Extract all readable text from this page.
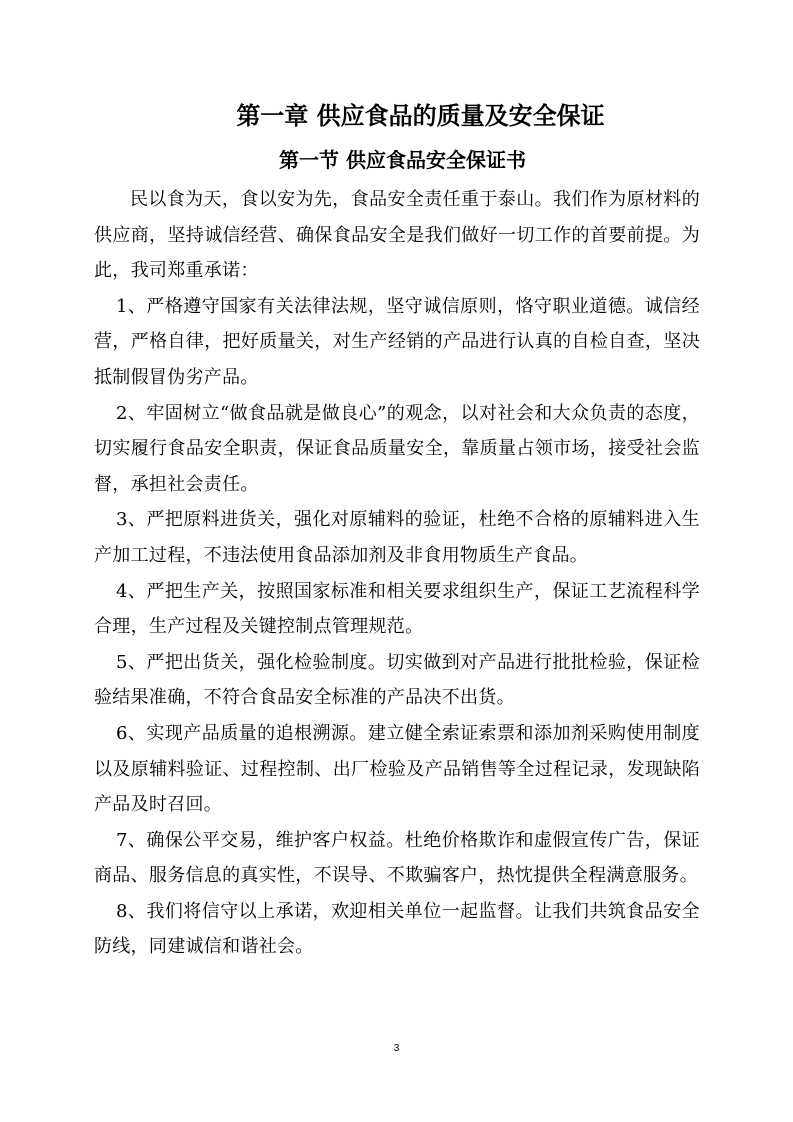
第一章 供应食品的质量及安全保证
第一节 供应食品安全保证书

民以食为天，食以安为先，食品安全责任重于泰山。我们作为原材料的供应商，坚持诚信经营、确保食品安全是我们做好一切工作的首要前提。为此，我司郑重承诺：

1、严格遵守国家有关法律法规，坚守诚信原则，恪守职业道德。诚信经营，严格自律，把好质量关，对生产经销的产品进行认真的自检自查，坚决抵制假冒伪劣产品。

2、牢固树立“做食品就是做良心”的观念，以对社会和大众负责的态度，切实履行食品安全职责，保证食品质量安全，靠质量占领市场，接受社会监督，承担社会责任。

3、严把原料进货关，强化对原辅料的验证，杜绝不合格的原辅料进入生产加工过程，不违法使用食品添加剂及非食用物质生产食品。

4、严把生产关，按照国家标准和相关要求组织生产，保证工艺流程科学合理，生产过程及关键控制点管理规范。

5、严把出货关，强化检验制度。切实做到对产品进行批批检验，保证检验结果准确，不符合食品安全标准的产品决不出货。

6、实现产品质量的追根溯源。建立健全索证索票和添加剂采购使用制度以及原辅料验证、过程控制、出厂检验及产品销售等全过程记录，发现缺陷产品及时召回。

7、确保公平交易，维护客户权益。杜绝价格欺诈和虚假宣传广告，保证商品、服务信息的真实性，不误导、不欺骗客户，热忱提供全程满意服务。

8、我们将信守以上承诺，欢迎相关单位一起监督。让我们共筑食品安全防线，同建诚信和谐社会。

3
